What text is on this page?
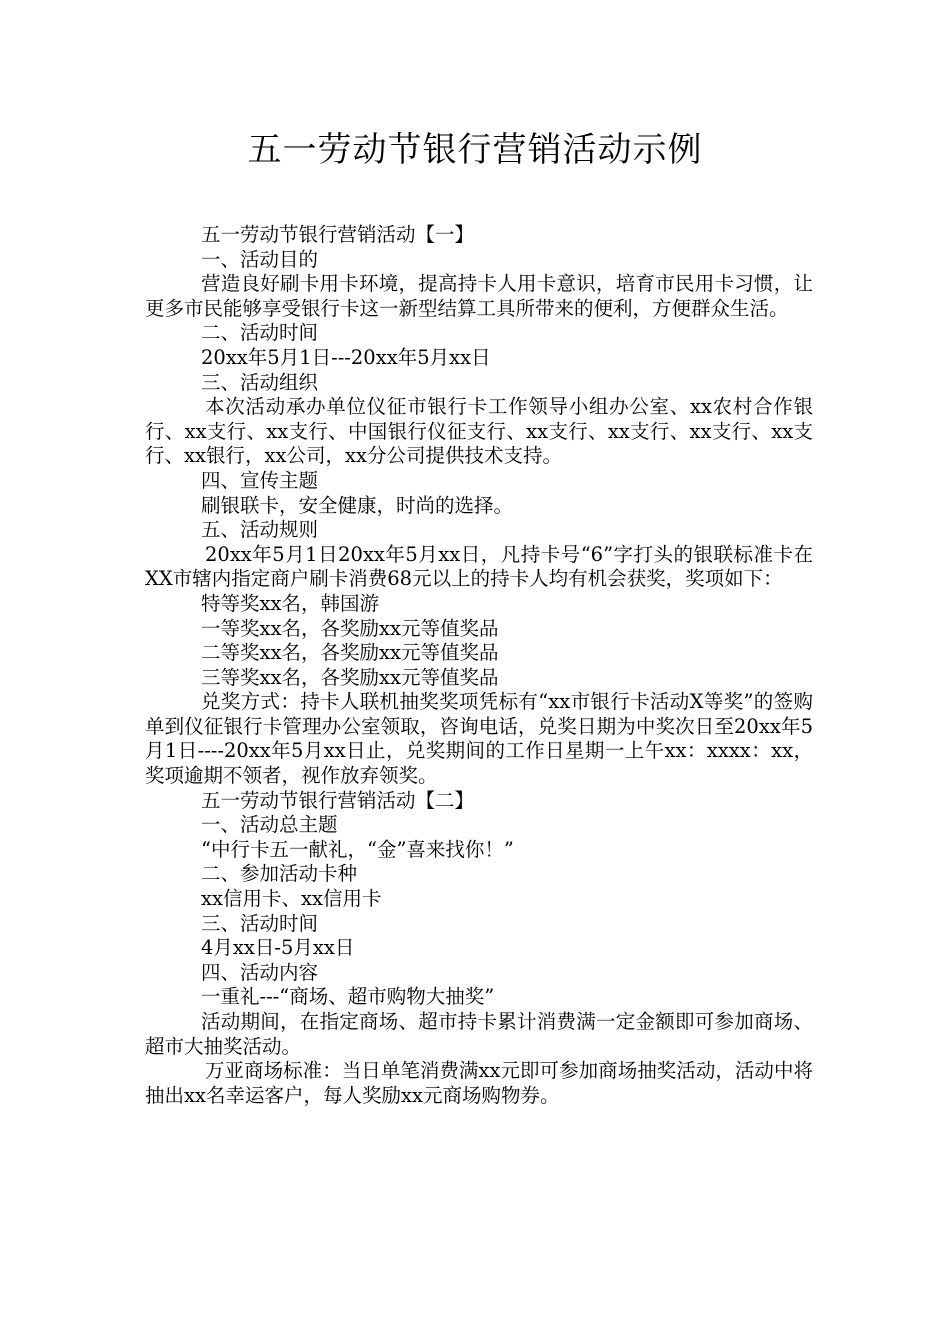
五一劳动节银行营销活动示例

五一劳动节银行营销活动【一】

一、活动目的

营造良好刷卡用卡环境，提高持卡人用卡意识，培育市民用卡习惯，让更多市民能够享受银行卡这一新型结算工具所带来的便利，方便群众生活。

二、活动时间

20xx年5月1日---20xx年5月xx日

三、活动组织

本次活动承办单位仪征市银行卡工作领导小组办公室、xx农村合作银行、xx支行、xx支行、中国银行仪征支行、xx支行、xx支行、xx支行、xx支行、xx银行，xx公司，xx分公司提供技术支持。

四、宣传主题

刷银联卡，安全健康，时尚的选择。

五、活动规则

20xx年5月1日20xx年5月xx日，凡持卡号“6”字打头的银联标准卡在XX市辖内指定商户刷卡消费68元以上的持卡人均有机会获奖，奖项如下：

特等奖xx名，韩国游

一等奖xx名，各奖励xx元等值奖品

二等奖xx名，各奖励xx元等值奖品

三等奖xx名，各奖励xx元等值奖品

兑奖方式：持卡人联机抽奖奖项凭标有“xx市银行卡活动X等奖”的签购单到仪征银行卡管理办公室领取，咨询电话，兑奖日期为中奖次日至20xx年5月1日----20xx年5月xx日止，兑奖期间的工作日星期一上午xx：xxxx：xx，奖项逾期不领者，视作放弃领奖。

五一劳动节银行营销活动【二】

一、活动总主题

“中行卡五一献礼，“金”喜来找你！”

二、参加活动卡种

xx信用卡、xx信用卡

三、活动时间

4月xx日-5月xx日

四、活动内容

一重礼---“商场、超市购物大抽奖”

活动期间，在指定商场、超市持卡累计消费满一定金额即可参加商场、超市大抽奖活动。

万亚商场标准：当日单笔消费满xx元即可参加商场抽奖活动，活动中将抽出xx名幸运客户，每人奖励xx元商场购物券。
